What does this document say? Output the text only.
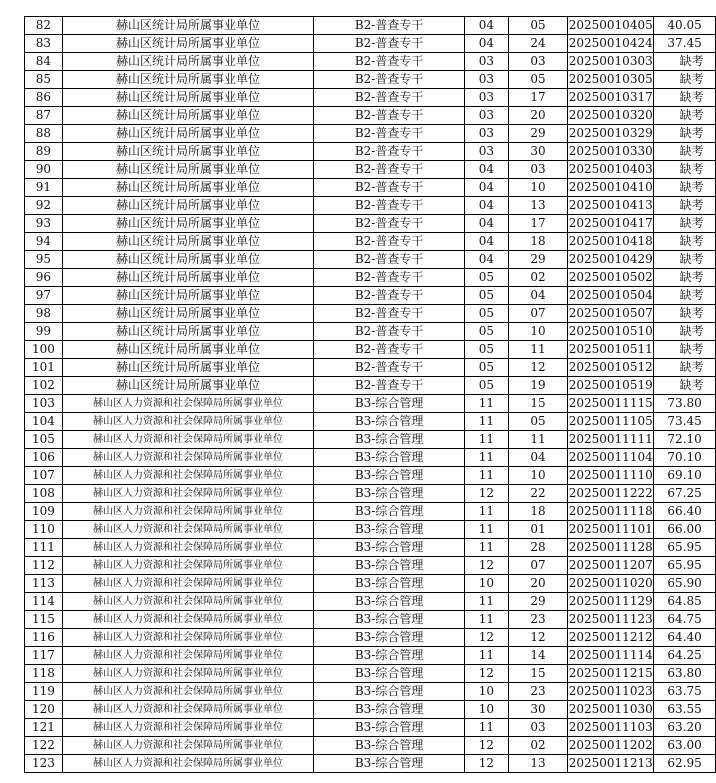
82	赫山区统计局所属事业单位	B2-普查专干	04	05	20250010405	40.05
83	赫山区统计局所属事业单位	B2-普查专干	04	24	20250010424	37.45
84	赫山区统计局所属事业单位	B2-普查专干	03	03	20250010303	缺考
85	赫山区统计局所属事业单位	B2-普查专干	03	05	20250010305	缺考
86	赫山区统计局所属事业单位	B2-普查专干	03	17	20250010317	缺考
87	赫山区统计局所属事业单位	B2-普查专干	03	20	20250010320	缺考
88	赫山区统计局所属事业单位	B2-普查专干	03	29	20250010329	缺考
89	赫山区统计局所属事业单位	B2-普查专干	03	30	20250010330	缺考
90	赫山区统计局所属事业单位	B2-普查专干	04	03	20250010403	缺考
91	赫山区统计局所属事业单位	B2-普查专干	04	10	20250010410	缺考
92	赫山区统计局所属事业单位	B2-普查专干	04	13	20250010413	缺考
93	赫山区统计局所属事业单位	B2-普查专干	04	17	20250010417	缺考
94	赫山区统计局所属事业单位	B2-普查专干	04	18	20250010418	缺考
95	赫山区统计局所属事业单位	B2-普查专干	04	29	20250010429	缺考
96	赫山区统计局所属事业单位	B2-普查专干	05	02	20250010502	缺考
97	赫山区统计局所属事业单位	B2-普查专干	05	04	20250010504	缺考
98	赫山区统计局所属事业单位	B2-普查专干	05	07	20250010507	缺考
99	赫山区统计局所属事业单位	B2-普查专干	05	10	20250010510	缺考
100	赫山区统计局所属事业单位	B2-普查专干	05	11	20250010511	缺考
101	赫山区统计局所属事业单位	B2-普查专干	05	12	20250010512	缺考
102	赫山区统计局所属事业单位	B2-普查专干	05	19	20250010519	缺考
103	赫山区人力资源和社会保障局所属事业单位	B3-综合管理	11	15	20250011115	73.80
104	赫山区人力资源和社会保障局所属事业单位	B3-综合管理	11	05	20250011105	73.45
105	赫山区人力资源和社会保障局所属事业单位	B3-综合管理	11	11	20250011111	72.10
106	赫山区人力资源和社会保障局所属事业单位	B3-综合管理	11	04	20250011104	70.10
107	赫山区人力资源和社会保障局所属事业单位	B3-综合管理	11	10	20250011110	69.10
108	赫山区人力资源和社会保障局所属事业单位	B3-综合管理	12	22	20250011222	67.25
109	赫山区人力资源和社会保障局所属事业单位	B3-综合管理	11	18	20250011118	66.40
110	赫山区人力资源和社会保障局所属事业单位	B3-综合管理	11	01	20250011101	66.00
111	赫山区人力资源和社会保障局所属事业单位	B3-综合管理	11	28	20250011128	65.95
112	赫山区人力资源和社会保障局所属事业单位	B3-综合管理	12	07	20250011207	65.95
113	赫山区人力资源和社会保障局所属事业单位	B3-综合管理	10	20	20250011020	65.90
114	赫山区人力资源和社会保障局所属事业单位	B3-综合管理	11	29	20250011129	64.85
115	赫山区人力资源和社会保障局所属事业单位	B3-综合管理	11	23	20250011123	64.75
116	赫山区人力资源和社会保障局所属事业单位	B3-综合管理	12	12	20250011212	64.40
117	赫山区人力资源和社会保障局所属事业单位	B3-综合管理	11	14	20250011114	64.25
118	赫山区人力资源和社会保障局所属事业单位	B3-综合管理	12	15	20250011215	63.80
119	赫山区人力资源和社会保障局所属事业单位	B3-综合管理	10	23	20250011023	63.75
120	赫山区人力资源和社会保障局所属事业单位	B3-综合管理	10	30	20250011030	63.55
121	赫山区人力资源和社会保障局所属事业单位	B3-综合管理	11	03	20250011103	63.20
122	赫山区人力资源和社会保障局所属事业单位	B3-综合管理	12	02	20250011202	63.00
123	赫山区人力资源和社会保障局所属事业单位	B3-综合管理	12	13	20250011213	62.95
